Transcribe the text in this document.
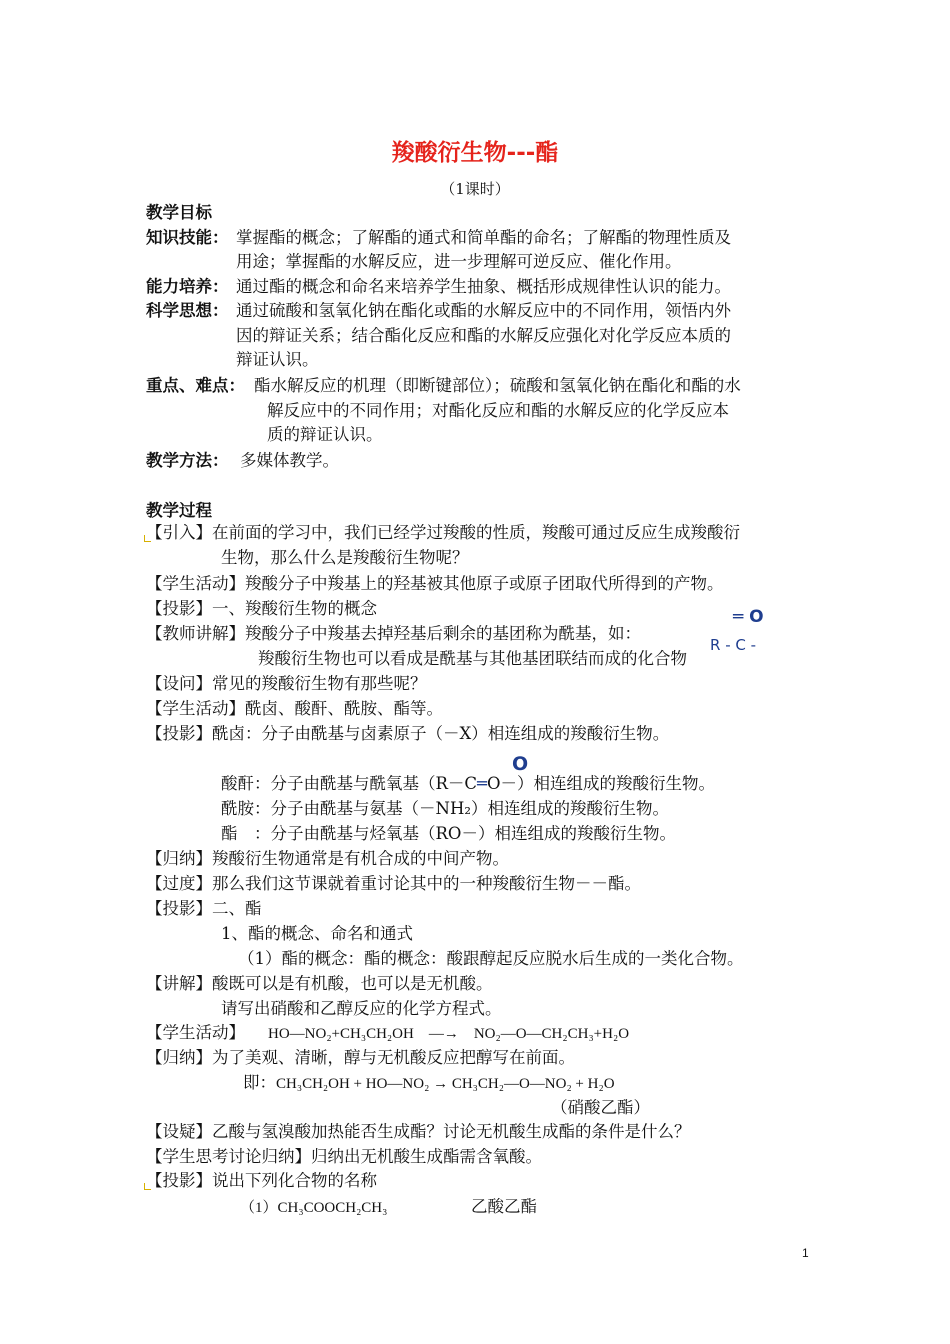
羧酸衍生物---酯
（1课时）
教学目标
知识技能： 掌握酯的概念；了解酯的通式和简单酯的命名；了解酯的物理性质及
用途；掌握酯的水解反应，进一步理解可逆反应、催化作用。
能力培养： 通过酯的概念和命名来培养学生抽象、概括形成规律性认识的能力。
科学思想： 通过硫酸和氢氧化钠在酯化或酯的水解反应中的不同作用，领悟内外
因的辩证关系；结合酯化反应和酯的水解反应强化对化学反应本质的
辩证认识。
重点、难点： 酯水解反应的机理（即断键部位）；硫酸和氢氧化钠在酯化和酯的水
解反应中的不同作用；对酯化反应和酯的水解反应的化学反应本
质的辩证认识。
教学方法： 多媒体教学。
教学过程
【引入】在前面的学习中，我们已经学过羧酸的性质，羧酸可通过反应生成羧酸衍
生物，那么什么是羧酸衍生物呢？
【学生活动】羧酸分子中羧基上的羟基被其他原子或原子团取代所得到的产物。
【投影】一、羧酸衍生物的概念	═ O
【教师讲解】羧酸分子中羧基去掉羟基后剩余的基团称为酰基，如：
R - C -
羧酸衍生物也可以看成是酰基与其他基团联结而成的化合物
【设问】常见的羧酸衍生物有那些呢？
【学生活动】酰卤、酸酐、酰胺、酯等。
【投影】酰卤：分子由酰基与卤素原子（－X）相连组成的羧酸衍生物。
O
酸酐：分子由酰基与酰氧基（R－C═O－）相连组成的羧酸衍生物。
酰胺：分子由酰基与氨基（－NH₂）相连组成的羧酸衍生物。
酯　：分子由酰基与烃氧基（RO－）相连组成的羧酸衍生物。
【归纳】羧酸衍生物通常是有机合成的中间产物。
【过度】那么我们这节课就着重讨论其中的一种羧酸衍生物－－酯。
【投影】二、酯
1、酯的概念、命名和通式
（1）酯的概念：酯的概念：酸跟醇起反应脱水后生成的一类化合物。
【讲解】酸既可以是有机酸，也可以是无机酸。
请写出硝酸和乙醇反应的化学方程式。
【学生活动】 HO—NO₂+CH₃CH₂OH　—→　NO₂—O—CH₂CH₃+H₂O
【归纳】为了美观、清晰，醇与无机酸反应把醇写在前面。
即： CH₃CH₂OH + HO—NO₂ → CH₃CH₂—O—NO₂ + H₂O
（硝酸乙酯）
【设疑】乙酸与氢溴酸加热能否生成酯？讨论无机酸生成酯的条件是什么？
【学生思考讨论归纳】归纳出无机酸生成酯需含氧酸。
【投影】说出下列化合物的名称
（1）CH₃COOCH₂CH₃	乙酸乙酯
1
